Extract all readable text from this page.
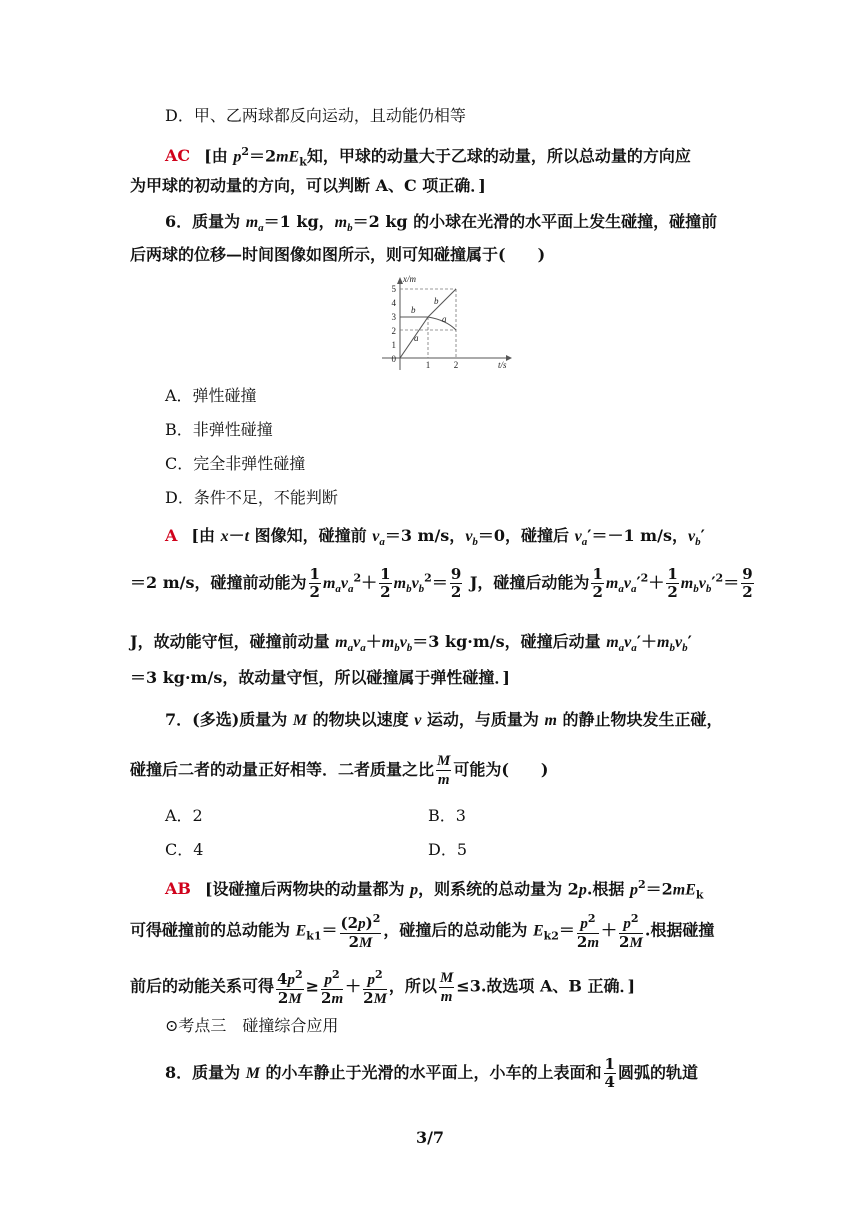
D．甲、乙两球都反向运动，且动能仍相等
AC [由 $p^2=2mE_k$知，甲球的动量大于乙球的动量，所以总动量的方向应
为甲球的初动量的方向，可以判断 A、C 项正确．]
6．质量为 $m_a=1$ kg，$m_b=2$ kg 的小球在光滑的水平面上发生碰撞，碰撞前
后两球的位移—时间图像如图所示，则可知碰撞属于(　　)
0
1
2
3
4
5
1	2
x/m
t/s
b
b
a
a
A．弹性碰撞
B．非弹性碰撞
C．完全非弹性碰撞
D．条件不足，不能判断
A [由 x－t 图像知，碰撞前 $v_a=3$ m/s，$v_b=0$，碰撞后 $v_a'=-1$ m/s，$v_b'$
＝2 m/s，碰撞前动能为 $\frac{1}{2} m_av_a^2+ \frac{1}{2} m_bv_b^2= \frac{9}{2}$ J，碰撞后动能为 $\frac{1}{2} m_av_a'^2+ \frac{1}{2} m_bv_b'^2= \frac{9}{2}$
J，故动能守恒，碰撞前动量 $m_av_a+m_bv_b=3$ kg·m/s，碰撞后动量 $m_av_a'+m_bv_b'$
＝3 kg·m/s，故动量守恒，所以碰撞属于弹性碰撞．]
7．(多选)质量为 M 的物块以速度 v 运动，与质量为 m 的静止物块发生正碰，
碰撞后二者的动量正好相等．二者质量之比 $\frac{M}{m}$ 可能为(　　)
A．2	B．3
C．4	D．5
AB [设碰撞后两物块的动量都为 p，则系统的总动量为 2p.根据 $p^2=2mE_k$
可得碰撞前的总动能为 $E_{k1}= \frac{(2p)^2}{2M}$ ，碰撞后的总动能为 $E_{k2}= \frac{p^2}{2m} + \frac{p^2}{2M}$ .根据碰撞
前后的动能关系可得 $\frac{4p^2}{2M} \ge \frac{p^2}{2m} + \frac{p^2}{2M}$ ，所以 $\frac{M}{m} \le 3$.故选项 A、B 正确．]
⊙考点三　碰撞综合应用
8．质量为 M 的小车静止于光滑的水平面上，小车的上表面和 $\frac{1}{4}$ 圆弧的轨道
3/7
